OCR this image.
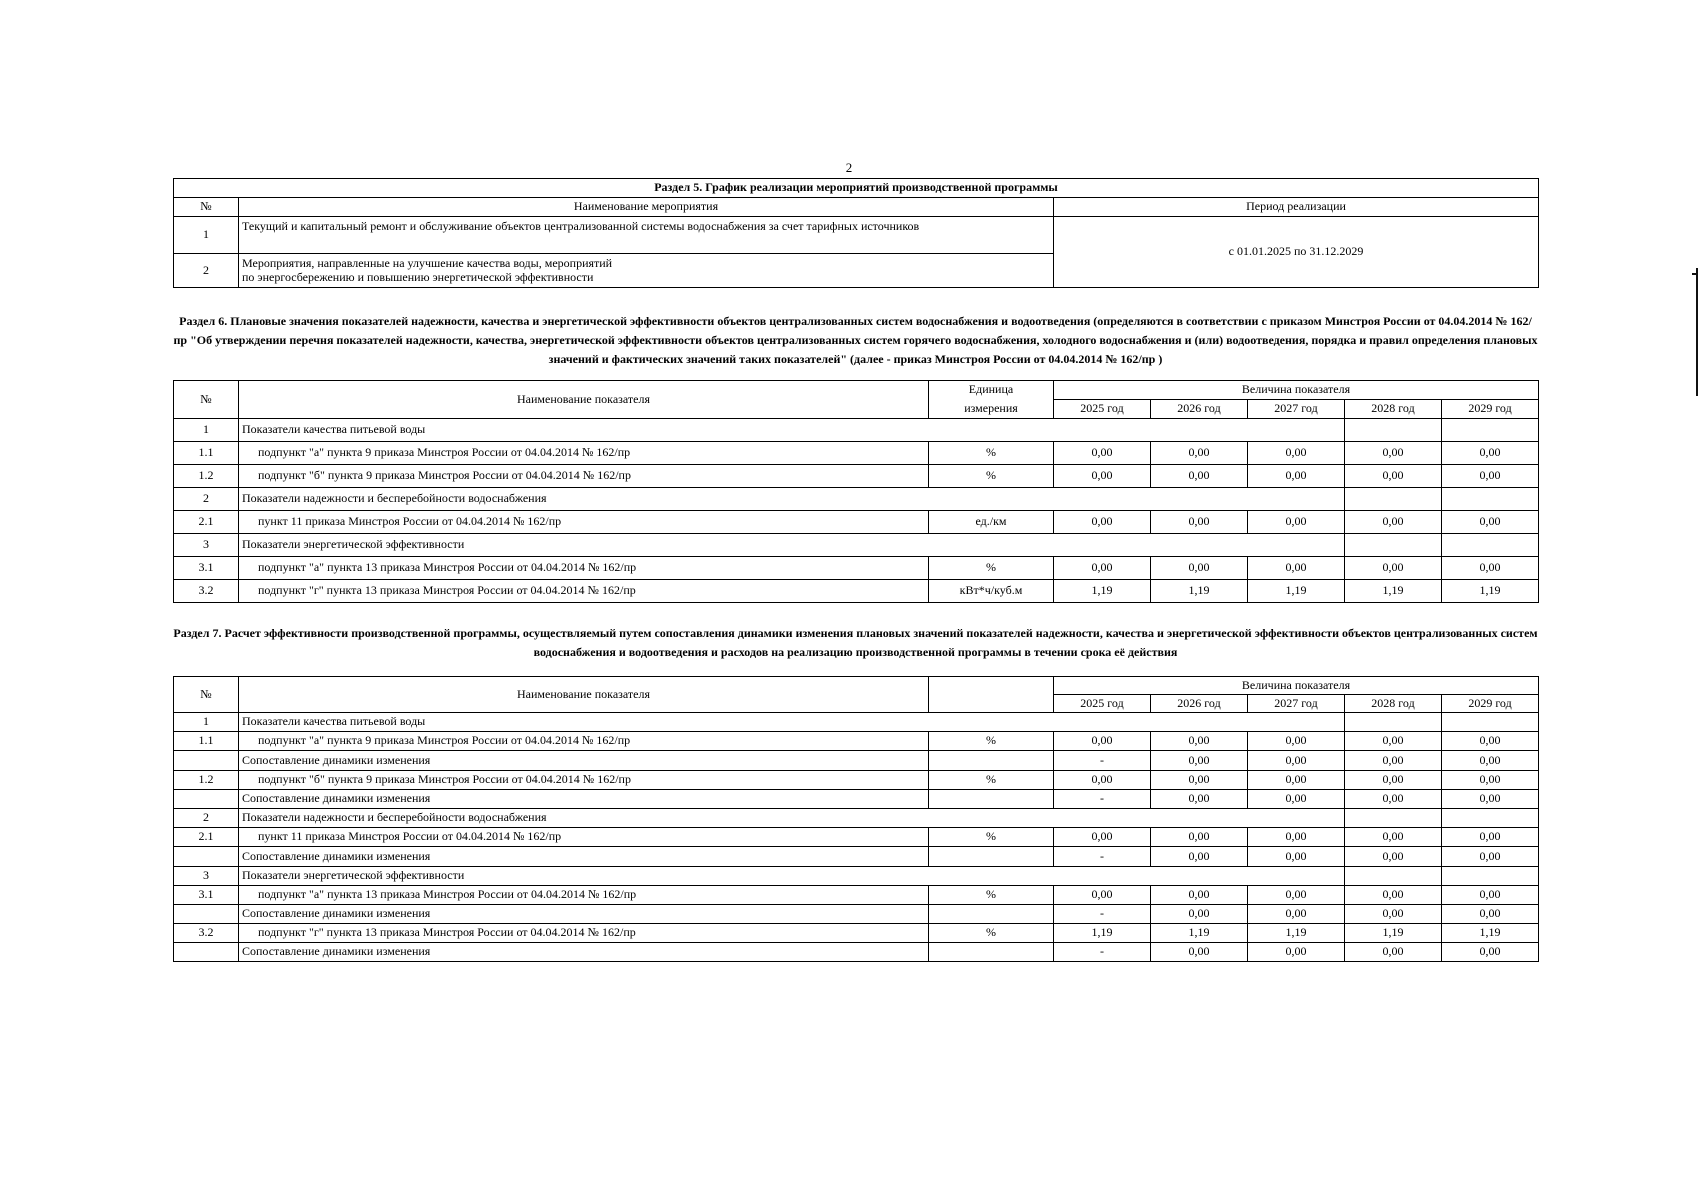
2
Раздел 5. График реализации мероприятий производственной программы		
№	Наименование мероприятия	Период реализации
1	Текущий и капитальный ремонт и обслуживание объектов централизованной системы водоснабжения за счет тарифных источников	с 01.01.2025 по 31.12.2029
2	Мероприятия, направленные на улучшение качества воды, мероприятий
по энергосбережению и повышению энергетической эффективности	
Раздел 6. Плановые значения показателей надежности, качества и энергетической эффективности объектов централизованных систем водоснабжения и водоотведения (определяются в соответствии с приказом Минстроя России от 04.04.2014 № 162/пр "Об утверждении перечня показателей надежности, качества, энергетической эффективности объектов централизованных систем горячего водоснабжения, холодного водоснабжения и (или) водоотведения, порядка и правил определения плановых значений и фактических значений таких показателей" (далее - приказ Минстроя России от 04.04.2014 № 162/пр )
№	Наименование показателя	Единица	Величина показателя				
		измерения	2025 год	2026 год	2027 год	2028 год	2029 год
1	Показатели качества питьевой воды						
1.1	подпункт "а" пункта 9 приказа Минстроя России от 04.04.2014 № 162/пр	%	0,00	0,00	0,00	0,00	0,00
1.2	подпункт "б" пункта 9 приказа Минстроя России от 04.04.2014 № 162/пр	%	0,00	0,00	0,00	0,00	0,00
2	Показатели надежности и бесперебойности водоснабжения						
2.1	пункт 11 приказа Минстроя России от 04.04.2014 № 162/пр	ед./км	0,00	0,00	0,00	0,00	0,00
3	Показатели энергетической эффективности						
3.1	подпункт "а" пункта 13 приказа Минстроя России от 04.04.2014 № 162/пр	%	0,00	0,00	0,00	0,00	0,00
3.2	подпункт "г" пункта 13 приказа Минстроя России от 04.04.2014 № 162/пр	кВт*ч/куб.м	1,19	1,19	1,19	1,19	1,19
Раздел 7. Расчет эффективности производственной программы, осуществляемый путем сопоставления динамики изменения плановых значений показателей надежности, качества и энергетической эффективности объектов централизованных систем водоснабжения и водоотведения и расходов на реализацию производственной программы в течении срока её действия
№	Наименование показателя		Величина показателя				
			2025 год	2026 год	2027 год	2028 год	2029 год
1	Показатели качества питьевой воды						
1.1	подпункт "а" пункта 9 приказа Минстроя России от 04.04.2014 № 162/пр	%	0,00	0,00	0,00	0,00	0,00
	Сопоставление динамики изменения		-	0,00	0,00	0,00	0,00
1.2	подпункт "б" пункта 9 приказа Минстроя России от 04.04.2014 № 162/пр	%	0,00	0,00	0,00	0,00	0,00
	Сопоставление динамики изменения		-	0,00	0,00	0,00	0,00
2	Показатели надежности и бесперебойности водоснабжения						
2.1	пункт 11 приказа Минстроя России от 04.04.2014 № 162/пр	%	0,00	0,00	0,00	0,00	0,00
	Сопоставление динамики изменения		-	0,00	0,00	0,00	0,00
3	Показатели энергетической эффективности						
3.1	подпункт "а" пункта 13 приказа Минстроя России от 04.04.2014 № 162/пр	%	0,00	0,00	0,00	0,00	0,00
	Сопоставление динамики изменения		-	0,00	0,00	0,00	0,00
3.2	подпункт "г" пункта 13 приказа Минстроя России от 04.04.2014 № 162/пр	%	1,19	1,19	1,19	1,19	1,19
	Сопоставление динамики изменения		-	0,00	0,00	0,00	0,00
